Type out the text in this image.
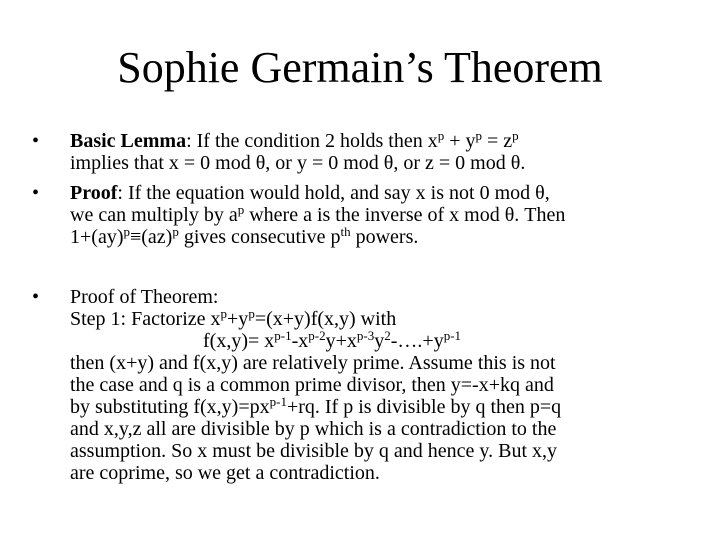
Sophie Germain’s Theorem
• Basic Lemma: If the condition 2 holds then $x^p + y^p = z^p$
implies that x = 0 mod θ, or y = 0 mod θ, or z = 0 mod θ.
• Proof: If the equation would hold, and say x is not 0 mod θ,
we can multiply by $a^p$ where a is the inverse of x mod θ. Then
1+(ay)$^p$≡(az)$^p$ gives consecutive $p^{th}$ powers.
• Proof of Theorem:
Step 1: Factorize $x^p+y^p=(x+y)f(x,y)$ with
$f(x,y)= x^{p-1}-x^{p-2}y+x^{p-3}y^2-\dots.+y^{p-1}$
then (x+y) and f(x,y) are relatively prime. Assume this is not
the case and q is a common prime divisor, then y=-x+kq and
by substituting $f(x,y)=px^{p-1}+rq$. If p is divisible by q then p=q
and x,y,z all are divisible by p which is a contradiction to the
assumption. So x must be divisible by q and hence y. But x,y
are coprime, so we get a contradiction.
